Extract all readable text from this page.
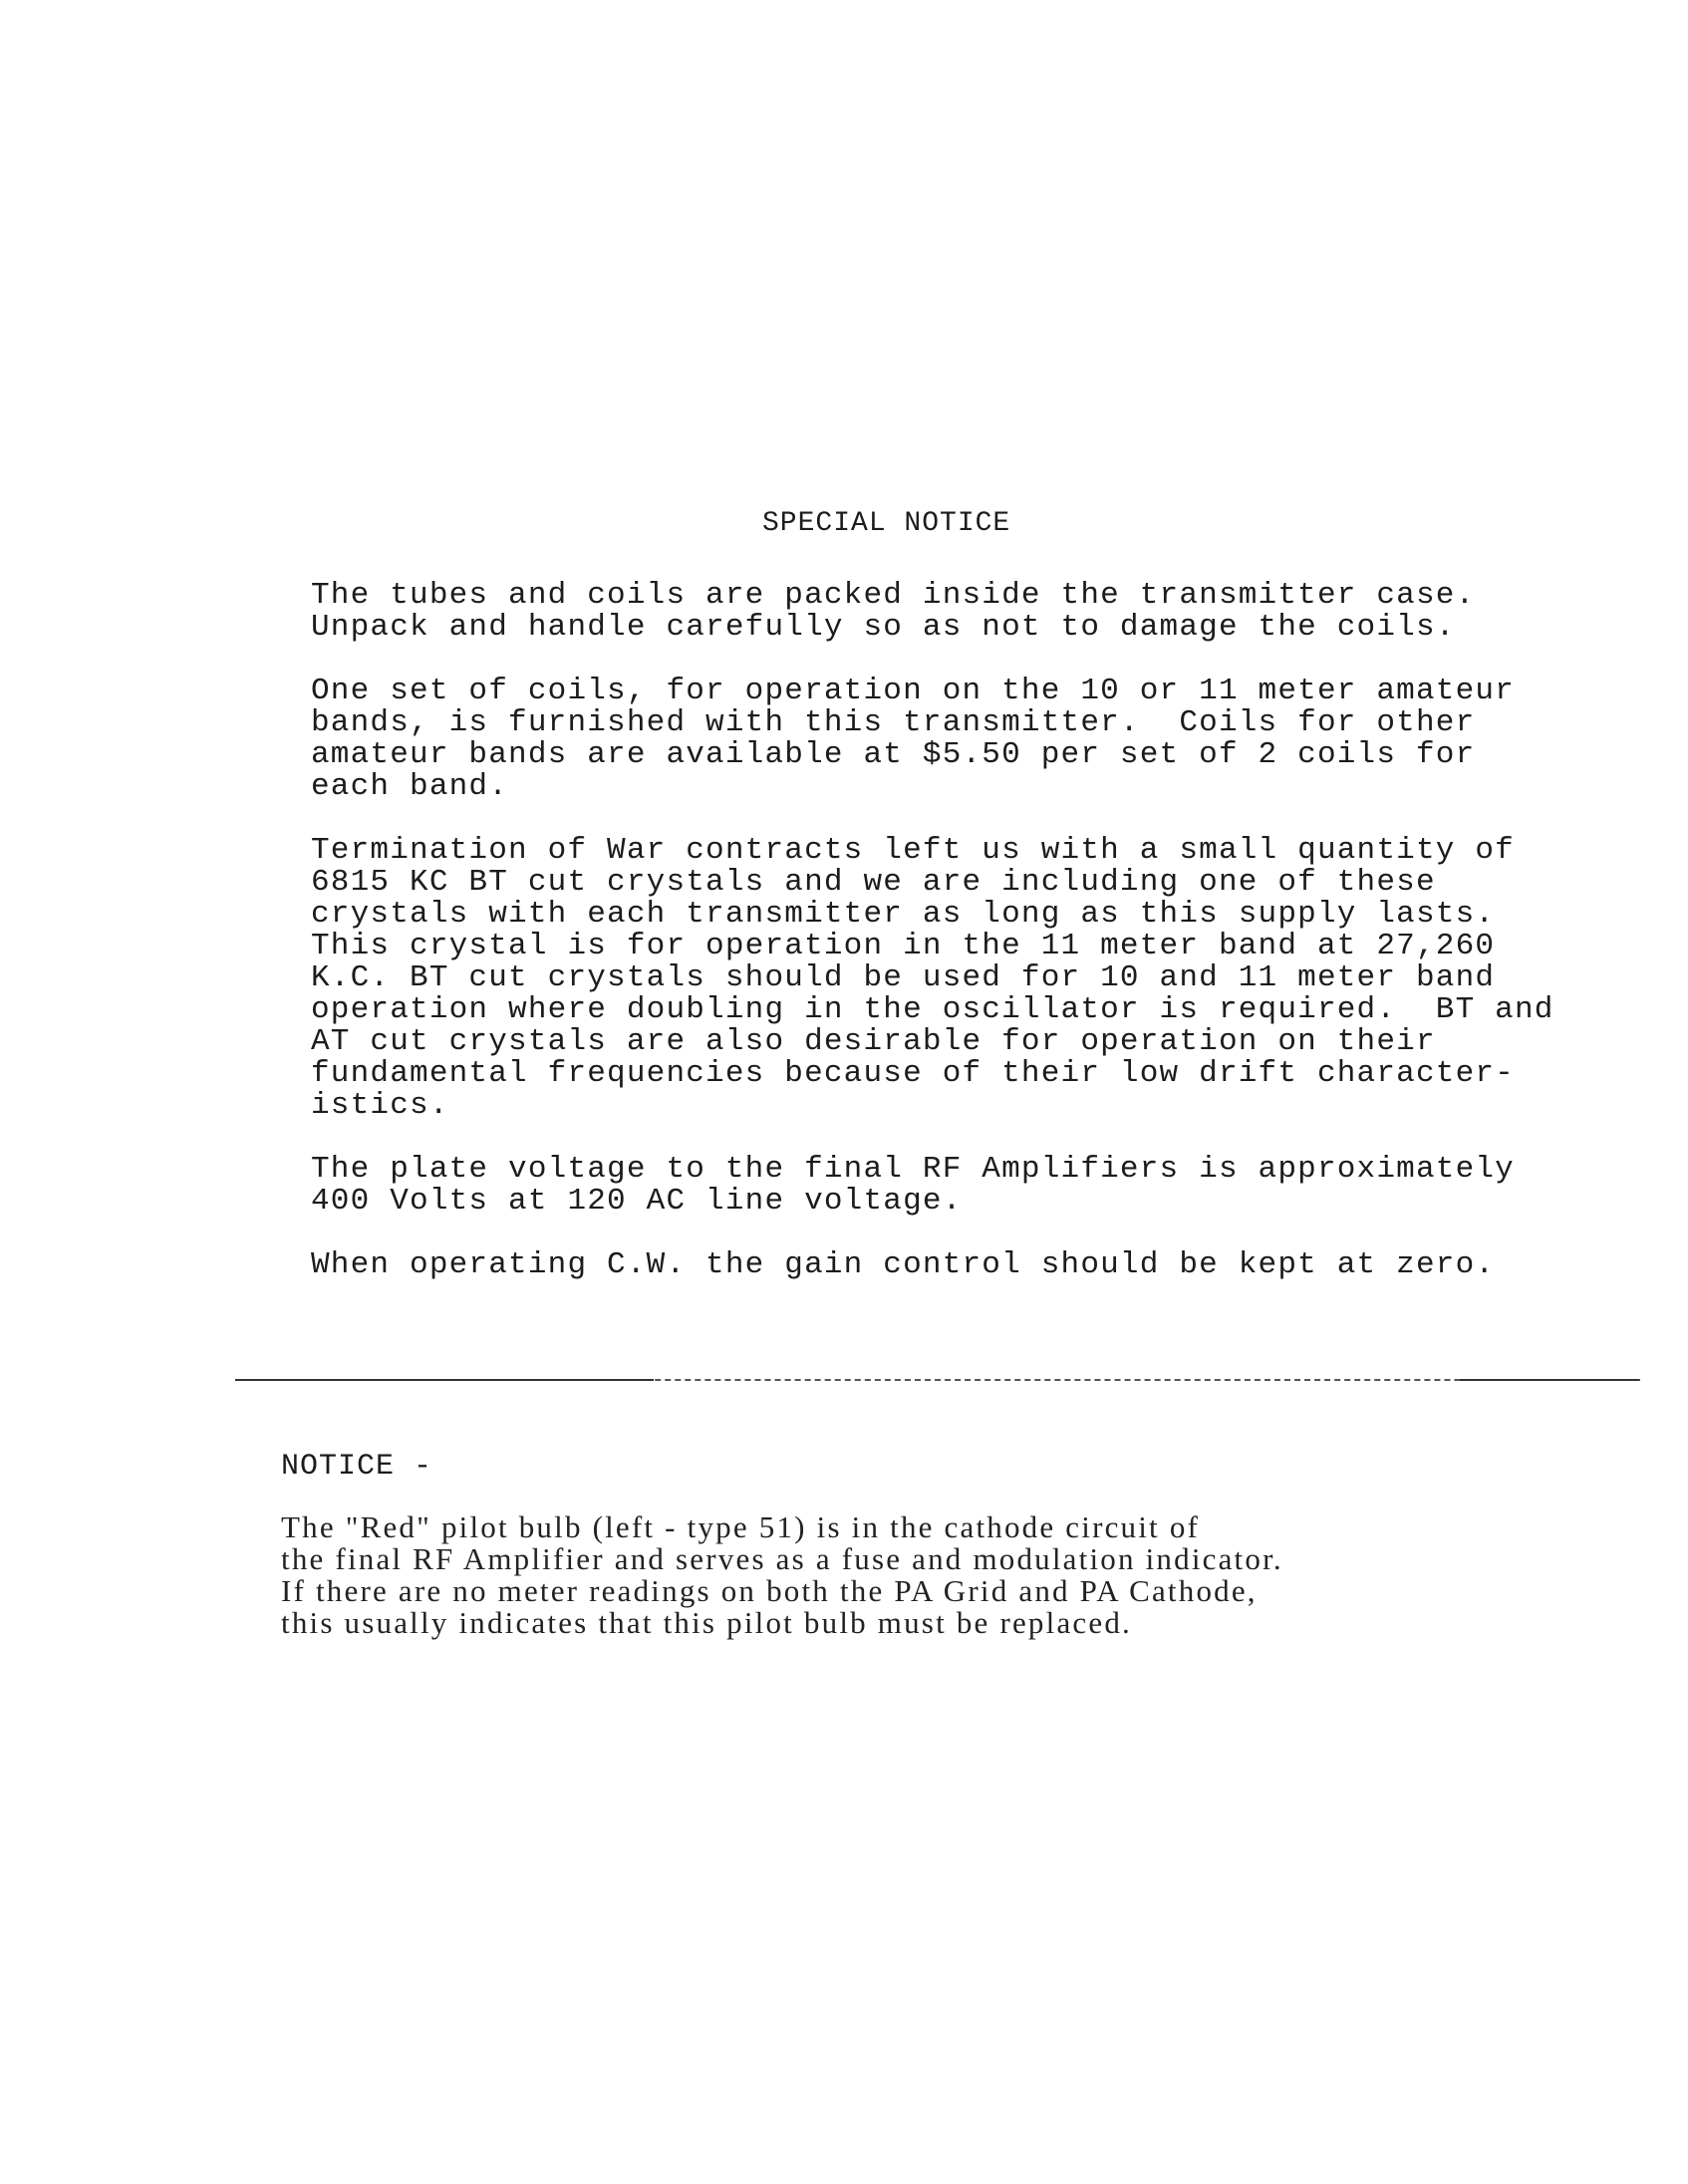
SPECIAL NOTICE

The tubes and coils are packed inside the transmitter case.
Unpack and handle carefully so as not to damage the coils.

One set of coils, for operation on the 10 or 11 meter amateur
bands, is furnished with this transmitter.  Coils for other
amateur bands are available at $5.50 per set of 2 coils for
each band.

Termination of War contracts left us with a small quantity of
6815 KC BT cut crystals and we are including one of these
crystals with each transmitter as long as this supply lasts.
This crystal is for operation in the 11 meter band at 27,260
K.C. BT cut crystals should be used for 10 and 11 meter band
operation where doubling in the oscillator is required.  BT and
AT cut crystals are also desirable for operation on their
fundamental frequencies because of their low drift character-
istics.

The plate voltage to the final RF Amplifiers is approximately
400 Volts at 120 AC line voltage.

When operating C.W. the gain control should be kept at zero.

NOTICE -

The "Red" pilot bulb (left - type 51) is in the cathode circuit of

the final RF Amplifier and serves as a fuse and modulation indicator.

If there are no meter readings on both the PA Grid and PA Cathode,

this usually indicates that this pilot bulb must be replaced.
